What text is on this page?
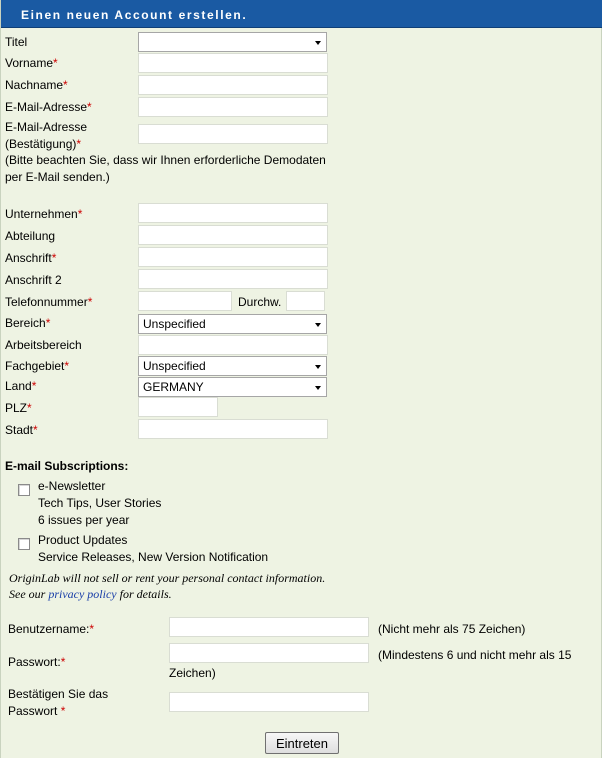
Einen neuen Account erstellen.
Titel
Vorname*
Nachname*
E-Mail-Adresse*
E-Mail-Adresse
(Bestätigung)*
(Bitte beachten Sie, dass wir Ihnen erforderliche Demodaten
per E-Mail senden.)
Unternehmen*
Abteilung
Anschrift*
Anschrift 2
Telefonnummer*	Durchw.
Bereich*	Unspecified
Arbeitsbereich
Fachgebiet*	Unspecified
Land*	GERMANY
PLZ*
Stadt*
E-mail Subscriptions:
e-Newsletter
Tech Tips, User Stories
6 issues per year
Product Updates
Service Releases, New Version Notification
OriginLab will not sell or rent your personal contact information.
See our privacy policy for details.
Benutzername:*	(Nicht mehr als 75 Zeichen)
Passwort:*	(Mindestens 6 und nicht mehr als 15
Zeichen)
Bestätigen Sie das
Passwort *
Eintreten
